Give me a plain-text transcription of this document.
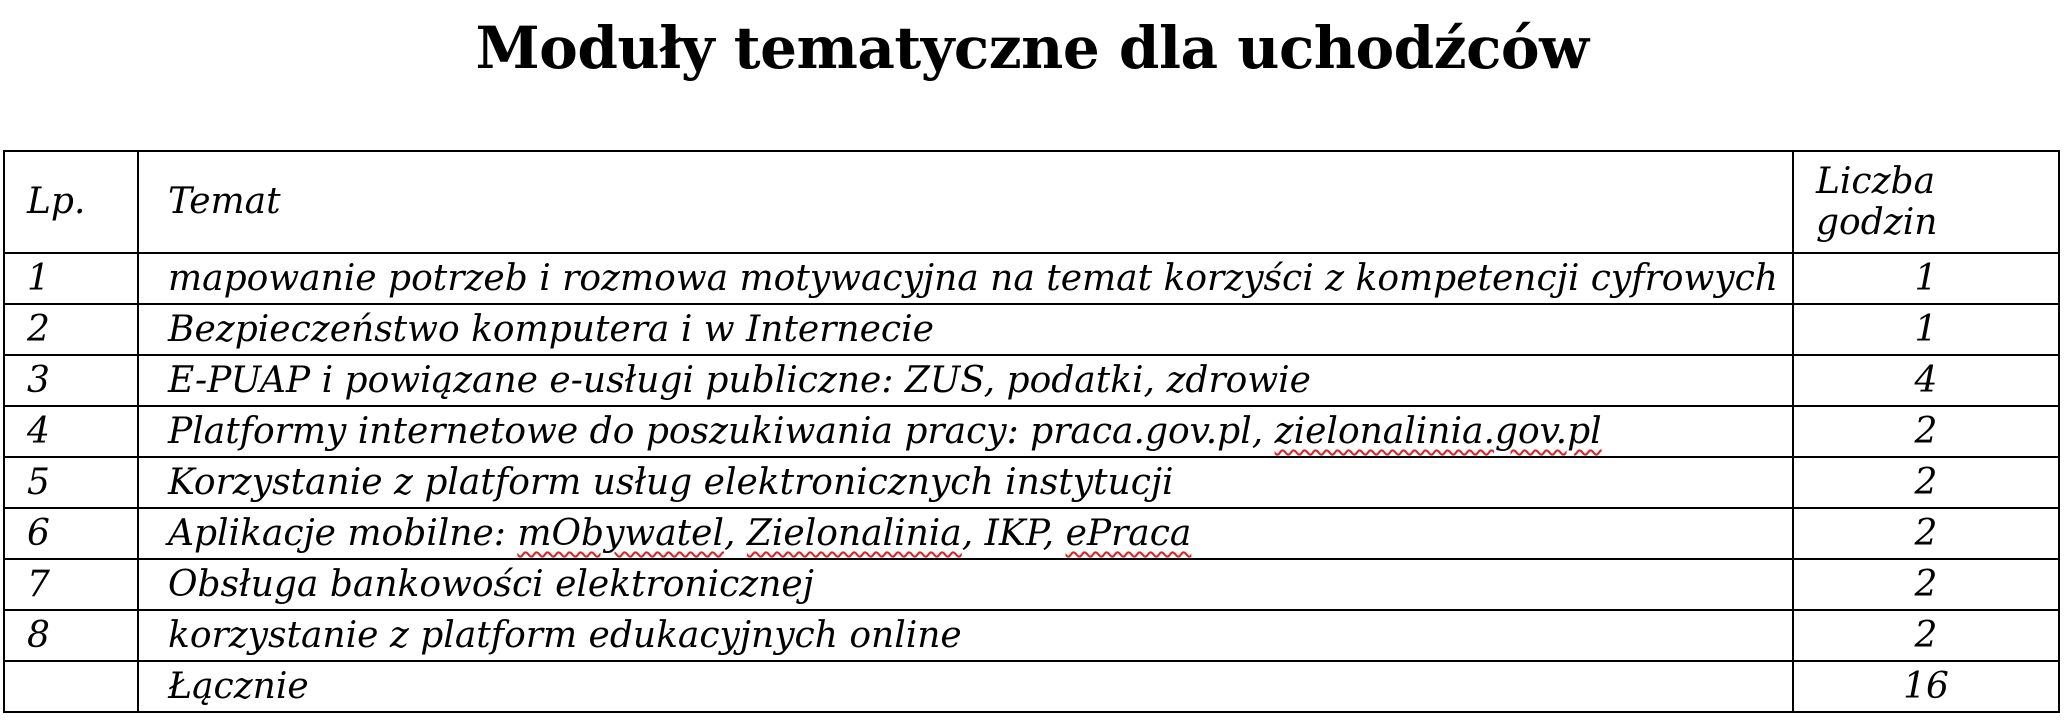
Moduły tematyczne dla uchodźców
Lp.	Temat	Liczba godzin
1	mapowanie potrzeb i rozmowa motywacyjna na temat korzyści z kompetencji cyfrowych	1
2	Bezpieczeństwo komputera i w Internecie	1
3	E-PUAP i powiązane e-usługi publiczne: ZUS, podatki, zdrowie	4
4	Platformy internetowe do poszukiwania pracy: praca.gov.pl, zielonalinia.gov.pl	2
5	Korzystanie z platform usług elektronicznych instytucji	2
6	Aplikacje mobilne: mObywatel, Zielonalinia, IKP, ePraca	2
7	Obsługa bankowości elektronicznej	2
8	korzystanie z platform edukacyjnych online	2
	Łącznie	16
